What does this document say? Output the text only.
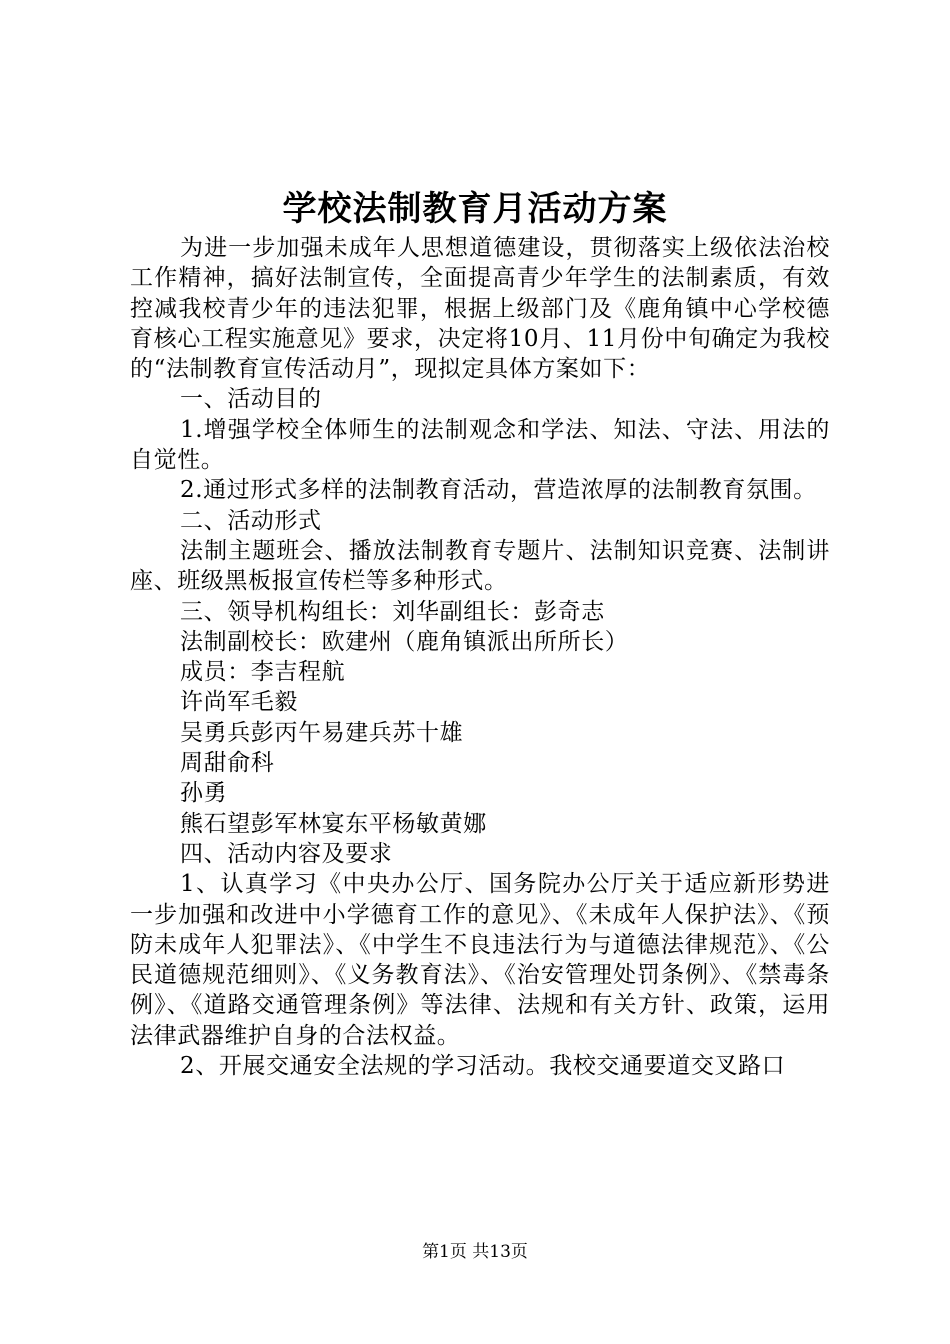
学校法制教育月活动方案

为进一步加强未成年人思想道德建设，贯彻落实上级依法治校工作精神，搞好法制宣传，全面提高青少年学生的法制素质，有效控减我校青少年的违法犯罪，根据上级部门及《鹿角镇中心学校德育核心工程实施意见》要求，决定将10月、11月份中旬确定为我校的“法制教育宣传活动月”，现拟定具体方案如下：

一、活动目的

1.增强学校全体师生的法制观念和学法、知法、守法、用法的自觉性。

2.通过形式多样的法制教育活动，营造浓厚的法制教育氛围。

二、活动形式

法制主题班会、播放法制教育专题片、法制知识竞赛、法制讲座、班级黑板报宣传栏等多种形式。

三、领导机构组长：刘华副组长：彭奇志

法制副校长：欧建州（鹿角镇派出所所长）

成员：李吉程航

许尚军毛毅

吴勇兵彭丙午易建兵苏十雄

周甜俞科

孙勇

熊石望彭军林宴东平杨敏黄娜

四、活动内容及要求

1、认真学习《中央办公厅、国务院办公厅关于适应新形势进一步加强和改进中小学德育工作的意见》、《未成年人保护法》、《预防未成年人犯罪法》、《中学生不良违法行为与道德法律规范》、《公民道德规范细则》、《义务教育法》、《治安管理处罚条例》、《禁毒条例》、《道路交通管理条例》等法律、法规和有关方针、政策，运用法律武器维护自身的合法权益。

2、开展交通安全法规的学习活动。我校交通要道交叉路口

第1页 共13页
